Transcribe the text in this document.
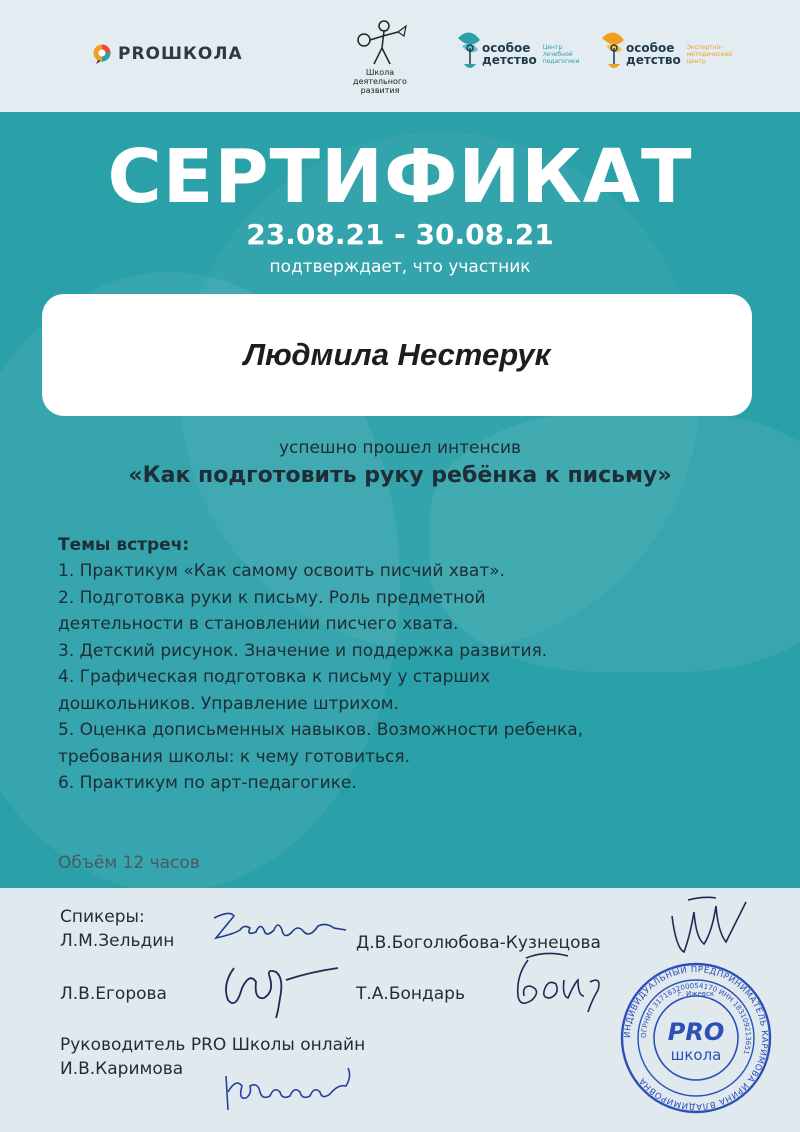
PROШКОЛА
Школа
деятельного
развития
особое
детство
Центр
лечебной
педагогики
особое
детство
Экспертно-
методический
центр
СЕРТИФИКАТ
23.08.21 - 30.08.21
подтверждает, что участник
Людмила Нестерук
успешно прошел интенсив
«Как подготовить руку ребёнка к письму»
Темы встреч:
1. Практикум «Как самому освоить писчий хват».
2. Подготовка руки к письму. Роль предметной
деятельности в становлении писчего хвата.
3. Детский рисунок. Значение и поддержка развития.
4. Графическая подготовка к письму у старших
дошкольников. Управление штрихом.
5. Оценка дописьменных навыков. Возможности ребенка,
требования школы: к чему готовиться.
6. Практикум по арт-педагогике.
Объём 12 часов
Спикеры:
Л.М.Зельдин	Д.В.Боголюбова-Кузнецова
Л.В.Егорова	Т.А.Бондарь
Руководитель PRO Школы онлайн
И.В.Каримова
ИНДИВИДУАЛЬНЫЙ ПРЕДПРИНИМАТЕЛЬ КАРИМОВА ИРИНА ВЛАДИМИРОВНА
ОГРНИП 317183200054170 ИНН 183109213651
г. Ижевск
PRO
школа
